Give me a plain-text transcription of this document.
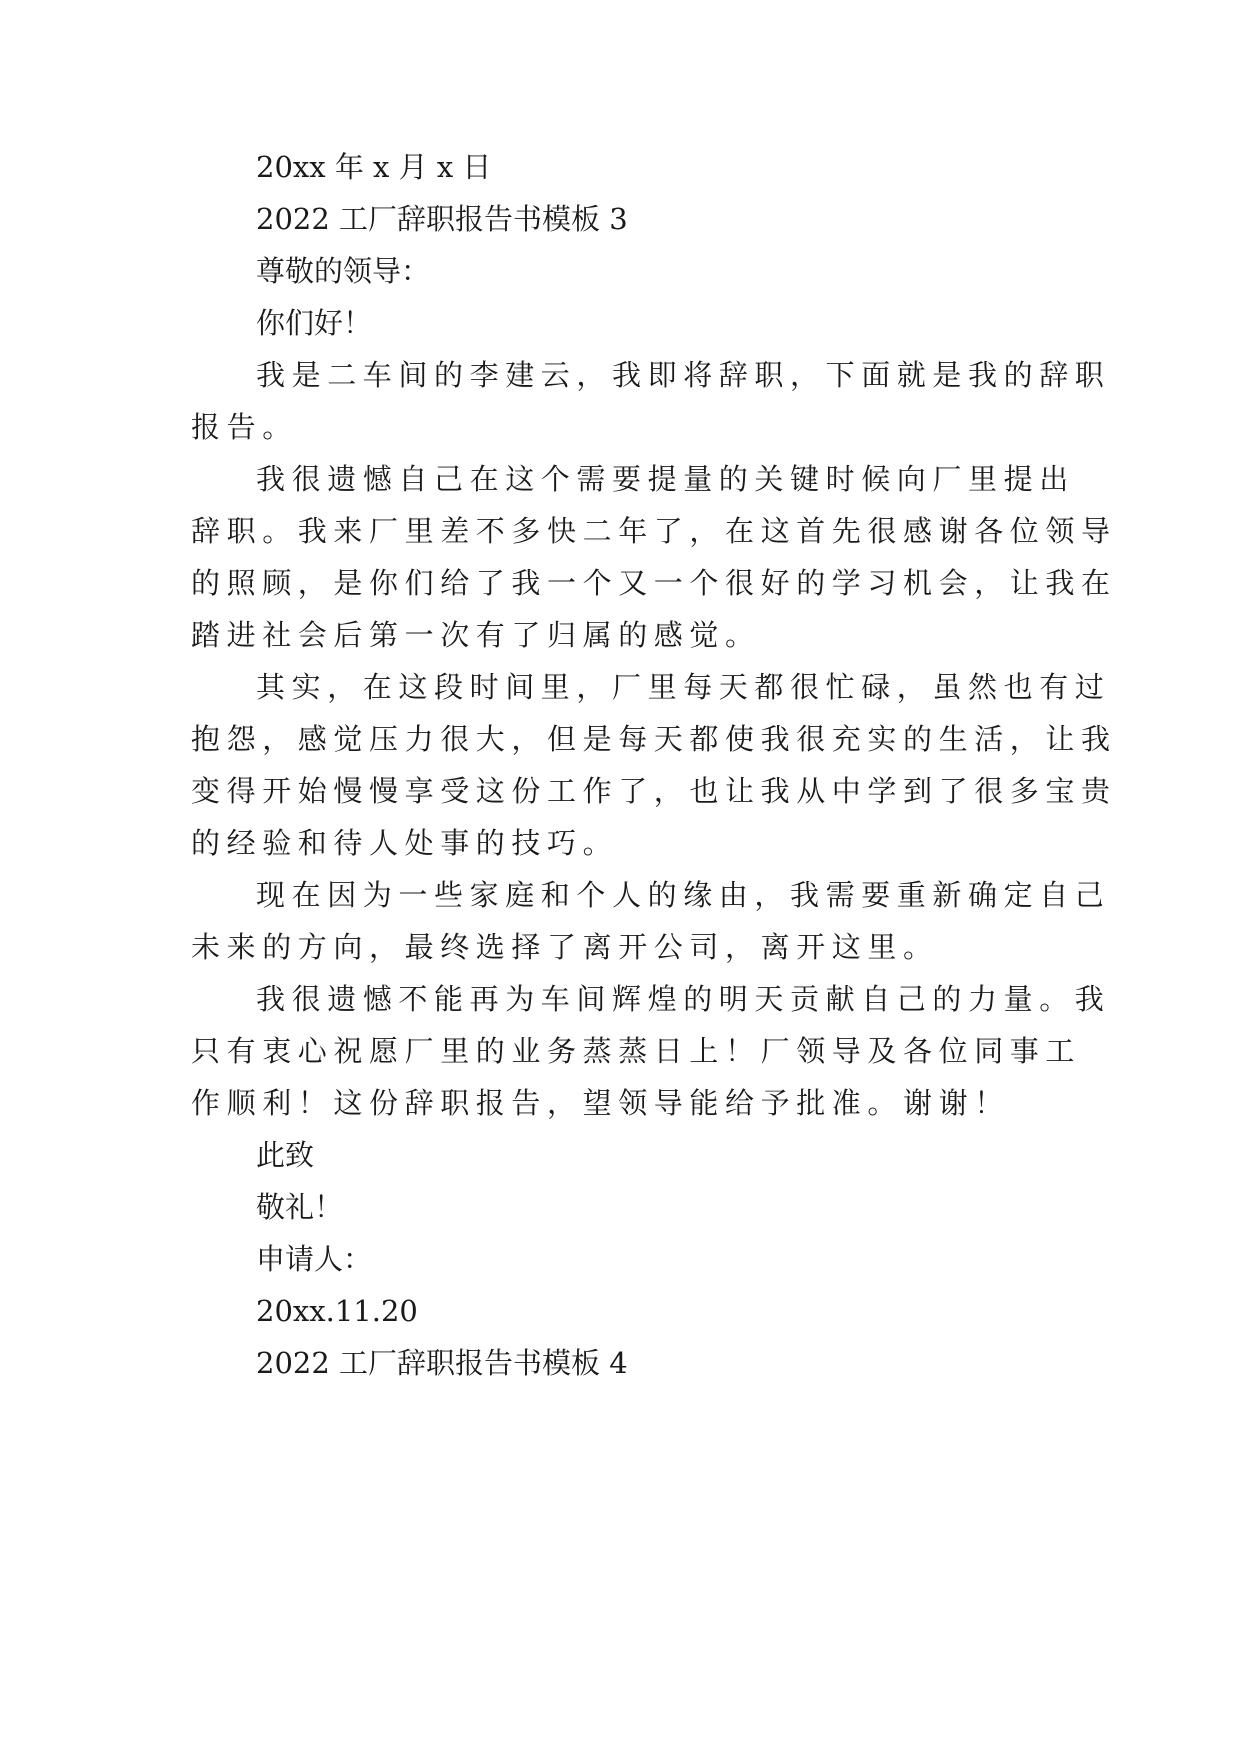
20xx 年 x 月 x 日
2022 工厂辞职报告书模板 3
尊敬的领导：
你们好！
我是二车间的李建云，我即将辞职，下面就是我的辞职
报告。
我很遗憾自己在这个需要提量的关键时候向厂里提出
辞职。我来厂里差不多快二年了，在这首先很感谢各位领导
的照顾，是你们给了我一个又一个很好的学习机会，让我在
踏进社会后第一次有了归属的感觉。
其实，在这段时间里，厂里每天都很忙碌，虽然也有过
抱怨，感觉压力很大，但是每天都使我很充实的生活，让我
变得开始慢慢享受这份工作了，也让我从中学到了很多宝贵
的经验和待人处事的技巧。
现在因为一些家庭和个人的缘由，我需要重新确定自己
未来的方向，最终选择了离开公司，离开这里。
我很遗憾不能再为车间辉煌的明天贡献自己的力量。我
只有衷心祝愿厂里的业务蒸蒸日上！厂领导及各位同事工
作顺利！这份辞职报告，望领导能给予批准。谢谢！
此致
敬礼！
申请人：
20xx.11.20
2022 工厂辞职报告书模板 4
